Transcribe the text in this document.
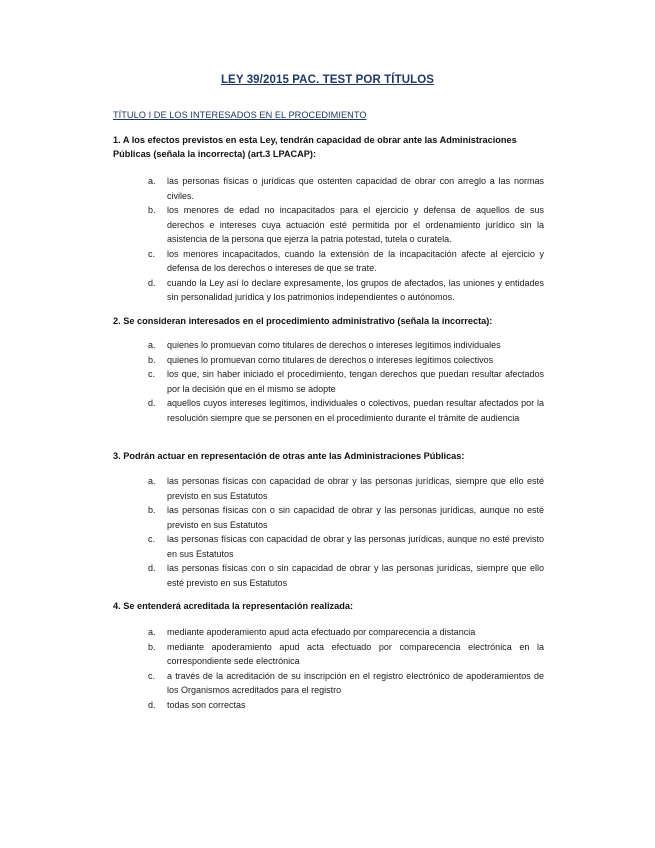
LEY 39/2015 PAC. TEST POR TÍTULOS
TÍTULO I DE LOS INTERESADOS EN EL PROCEDIMIENTO
1. A los efectos previstos en esta Ley, tendrán capacidad de obrar ante las Administraciones Públicas (señala la incorrecta) (art.3 LPACAP):
a. las personas físicas o jurídicas que ostenten capacidad de obrar con arreglo a las normas civiles.
b. los menores de edad no incapacitados para el ejercicio y defensa de aquellos de sus derechos e intereses cuya actuación esté permitida por el ordenamiento jurídico sin la asistencia de la persona que ejerza la patria potestad, tutela o curatela.
c. los menores incapacitados, cuando la extensión de la incapacitación afecte al ejercicio y defensa de los derechos o intereses de que se trate.
d. cuando la Ley así lo declare expresamente, los grupos de afectados, las uniones y entidades sin personalidad jurídica y los patrimonios independientes o autónomos.
2. Se consideran interesados en el procedimiento administrativo (señala la incorrecta):
a. quienes lo promuevan como titulares de derechos o intereses legítimos individuales
b. quienes lo promuevan como titulares de derechos o intereses legítimos colectivos
c. los que, sin haber iniciado el procedimiento, tengan derechos que puedan resultar afectados por la decisión que en el mismo se adopte
d. aquellos cuyos intereses legítimos, individuales o colectivos, puedan resultar afectados por la resolución siempre que se personen en el procedimiento durante el trámite de audiencia
3. Podrán actuar en representación de otras ante las Administraciones Públicas:
a. las personas físicas con capacidad de obrar y las personas jurídicas, siempre que ello esté previsto en sus Estatutos
b. las personas físicas con o sin capacidad de obrar y las personas jurídicas, aunque no esté previsto en sus Estatutos
c. las personas físicas con capacidad de obrar y las personas jurídicas, aunque no esté previsto en sus Estatutos
d. las personas físicas con o sin capacidad de obrar y las personas jurídicas, siempre que ello esté previsto en sus Estatutos
4. Se entenderá acreditada la representación realizada:
a. mediante apoderamiento apud acta efectuado por comparecencia a distancia
b. mediante apoderamiento apud acta efectuado por comparecencia electrónica en la correspondiente sede electrónica
c. a través de la acreditación de su inscripción en el registro electrónico de apoderamientos de los Organismos acreditados para el registro
d. todas son correctas
